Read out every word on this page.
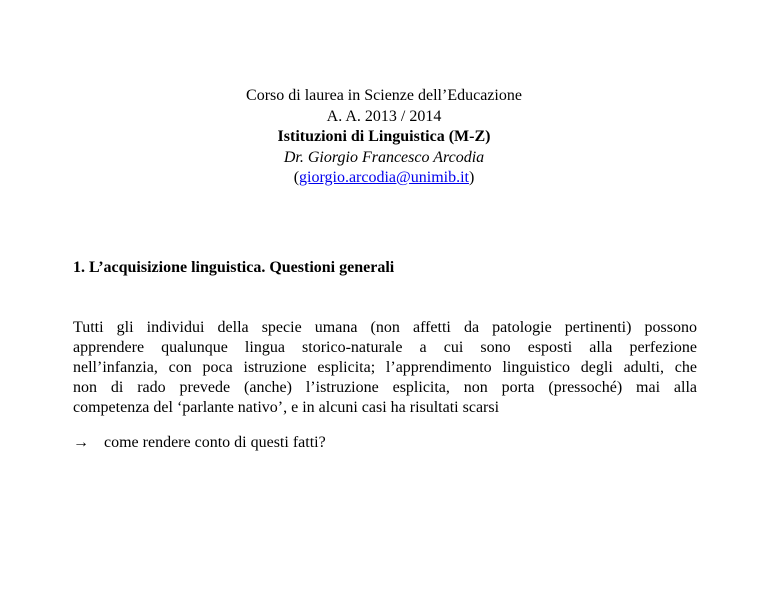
Corso di laurea in Scienze dell’Educazione
A. A. 2013 / 2014
Istituzioni di Linguistica (M-Z)
Dr. Giorgio Francesco Arcodia
(giorgio.arcodia@unimib.it)
1. L’acquisizione linguistica. Questioni generali
Tutti gli individui della specie umana (non affetti da patologie pertinenti) possono
apprendere qualunque lingua storico-naturale a cui sono esposti alla perfezione
nell’infanzia, con poca istruzione esplicita; l’apprendimento linguistico degli adulti, che
non di rado prevede (anche) l’istruzione esplicita, non porta (pressoché) mai alla
competenza del ‘parlante nativo’, e in alcuni casi ha risultati scarsi
→ come rendere conto di questi fatti?
